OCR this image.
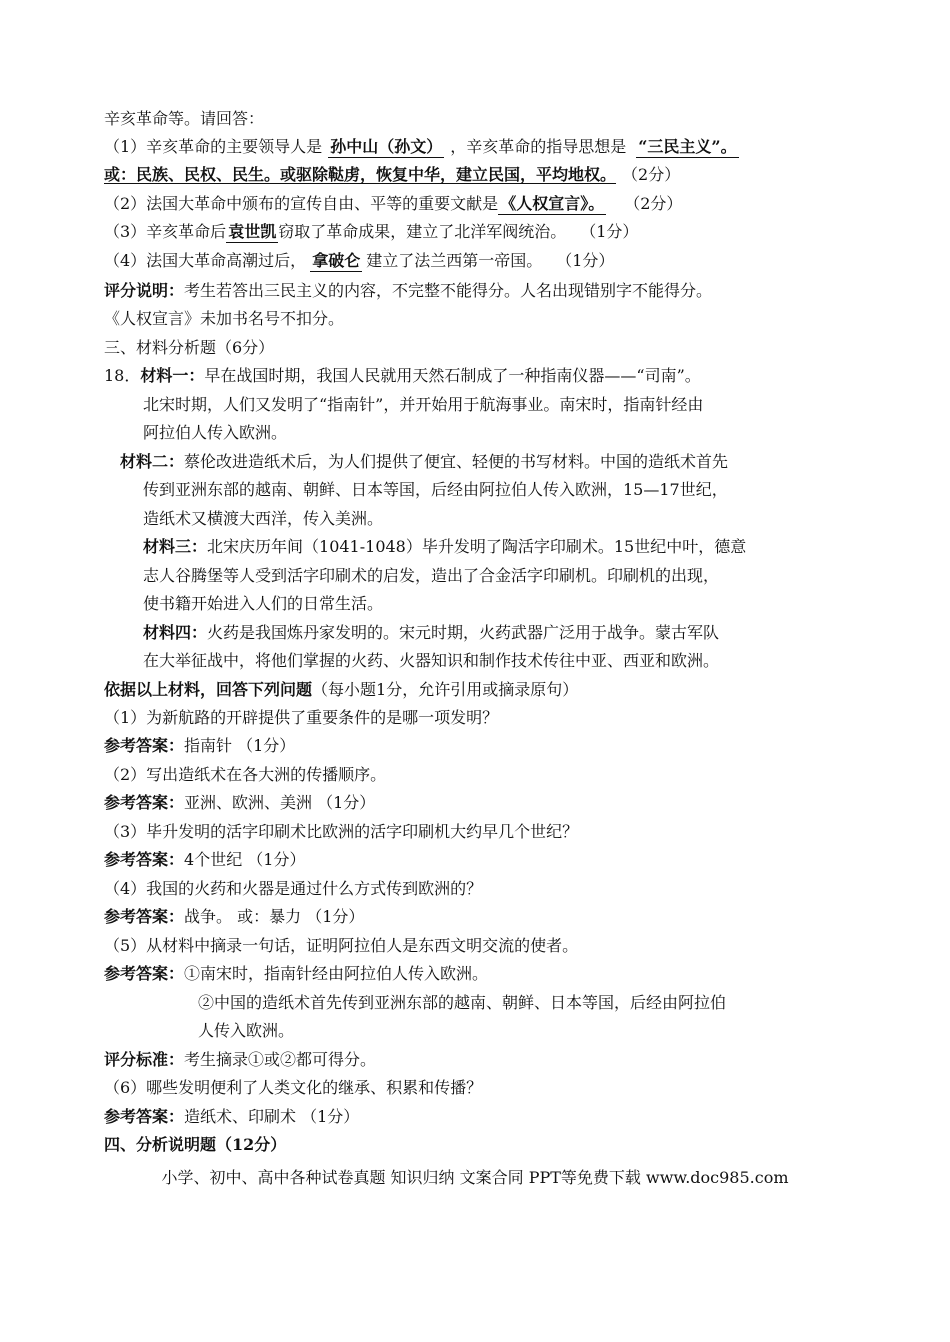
辛亥革命等。请回答：
（1）辛亥革命的主要领导人是 孙中山（孙文） ，辛亥革命的指导思想是 “三民主义”。
或：民族、民权、民生。或驱除鞑虏，恢复中华，建立民国，平均地权。 （2分）
（2）法国大革命中颁布的宣传自由、平等的重要文献是 《人权宣言》。 （2分）
（3）辛亥革命后 袁世凯 窃取了革命成果，建立了北洋军阀统治。 （1分）
（4）法国大革命高潮过后， 拿破仑 建立了法兰西第一帝国。 （1分）
评分说明：考生若答出三民主义的内容，不完整不能得分。人名出现错别字不能得分。
《人权宣言》未加书名号不扣分。
三、材料分析题（6分）
18．材料一：早在战国时期，我国人民就用天然石制成了一种指南仪器——“司南”。
北宋时期，人们又发明了“指南针”，并开始用于航海事业。南宋时，指南针经由
阿拉伯人传入欧洲。
材料二：蔡伦改进造纸术后，为人们提供了便宜、轻便的书写材料。中国的造纸术首先
传到亚洲东部的越南、朝鲜、日本等国，后经由阿拉伯人传入欧洲，15—17世纪，
造纸术又横渡大西洋，传入美洲。
材料三：北宋庆历年间（1041-1048）毕升发明了陶活字印刷术。15世纪中叶，德意
志人谷腾堡等人受到活字印刷术的启发，造出了合金活字印刷机。印刷机的出现，
使书籍开始进入人们的日常生活。
材料四：火药是我国炼丹家发明的。宋元时期，火药武器广泛用于战争。蒙古军队
在大举征战中，将他们掌握的火药、火器知识和制作技术传往中亚、西亚和欧洲。
依据以上材料，回答下列问题（每小题1分，允许引用或摘录原句）
（1）为新航路的开辟提供了重要条件的是哪一项发明？
参考答案：指南针 （1分）
（2）写出造纸术在各大洲的传播顺序。
参考答案：亚洲、欧洲、美洲 （1分）
（3）毕升发明的活字印刷术比欧洲的活字印刷机大约早几个世纪？
参考答案：4个世纪 （1分）
（4）我国的火药和火器是通过什么方式传到欧洲的？
参考答案：战争。 或：暴力 （1分）
（5）从材料中摘录一句话，证明阿拉伯人是东西文明交流的使者。
参考答案：①南宋时，指南针经由阿拉伯人传入欧洲。
②中国的造纸术首先传到亚洲东部的越南、朝鲜、日本等国，后经由阿拉伯
人传入欧洲。
评分标准：考生摘录①或②都可得分。
（6）哪些发明便利了人类文化的继承、积累和传播？
参考答案：造纸术、印刷术 （1分）
四、分析说明题（12分）
小学、初中、高中各种试卷真题 知识归纳 文案合同 PPT等免费下载 www.doc985.com
